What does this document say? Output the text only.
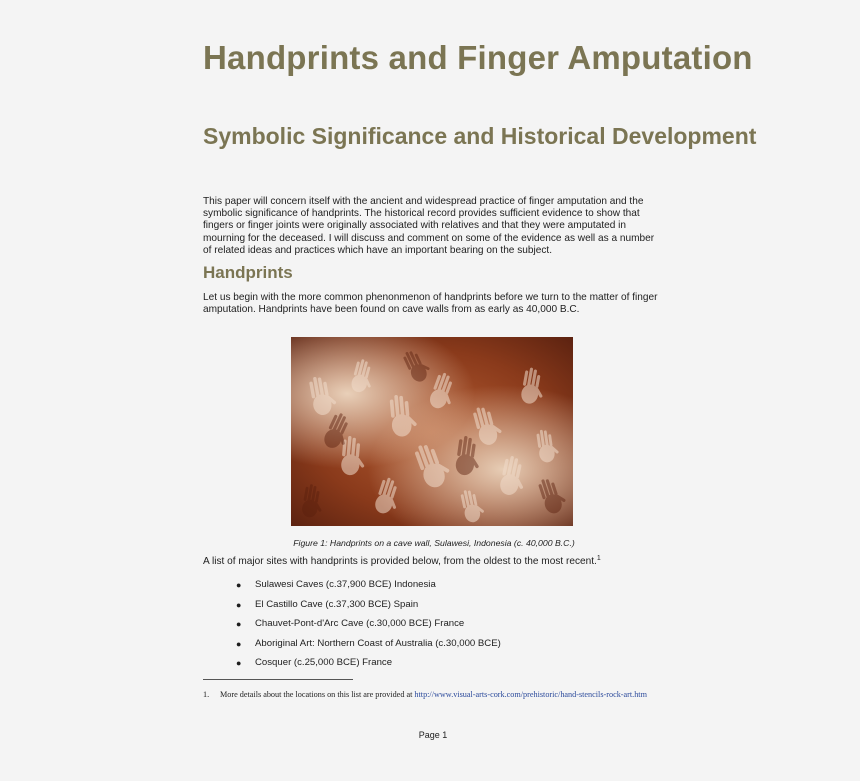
Handprints and Finger Amputation
Symbolic Significance and Historical Development

This paper will concern itself with the ancient and widespread practice of finger amputation and the symbolic significance of handprints. The historical record provides sufficient evidence to show that fingers or finger joints were originally associated with relatives and that they were amputated in mourning for the deceased. I will discuss and comment on some of the evidence as well as a number of related ideas and practices which have an important bearing on the subject.

Handprints

Let us begin with the more common phenonmenon of handprints before we turn to the matter of finger amputation. Handprints have been found on cave walls from as early as 40,000 B.C.

Figure 1: Handprints on a cave wall, Sulawesi, Indonesia (c. 40,000 B.C.)

A list of major sites with handprints is provided below, from the oldest to the most recent.$^1$

● Sulawesi Caves (c.37,900 BCE) Indonesia
● El Castillo Cave (c.37,300 BCE) Spain
● Chauvet-Pont-d'Arc Cave (c.30,000 BCE) France
● Aboriginal Art: Northern Coast of Australia (c.30,000 BCE)
● Cosquer (c.25,000 BCE) France

1.	More details about the locations on this list are provided at http://www.visual-arts-cork.com/prehistoric/hand-stencils-rock-art.htm

Page 1
